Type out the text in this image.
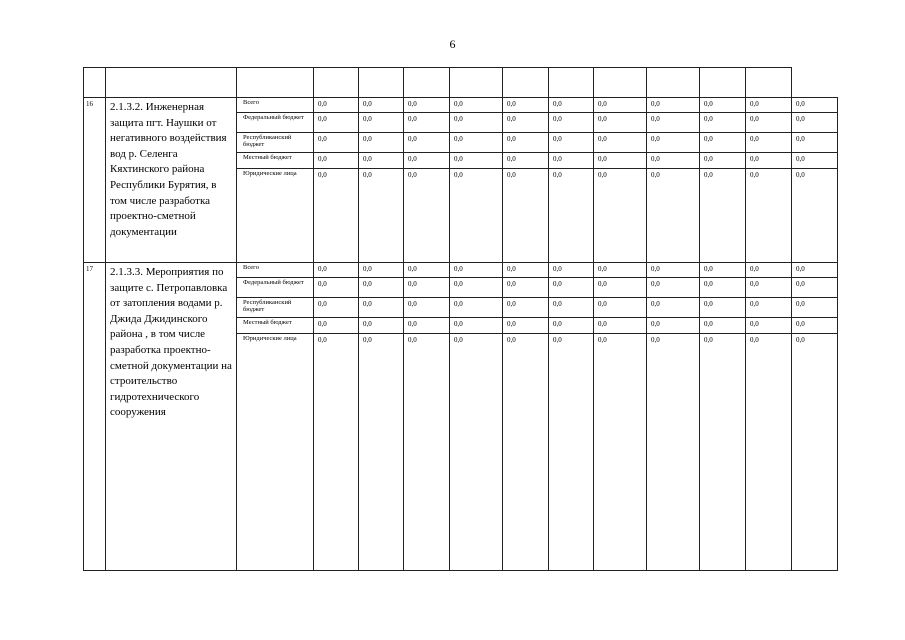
6

16	2.1.3.2. Инженерная защита пгт. Наушки от негативного воздействия вод р. Селенга Кяхтинского района Республики Бурятия, в том числе разработка проектно-сметной документации	Всего	0,0	0,0	0,0	0,0	0,0	0,0	0,0	0,0	0,0	0,0	0,0
		Федеральный бюджет	0,0	0,0	0,0	0,0	0,0	0,0	0,0	0,0	0,0	0,0	0,0
		Республиканский бюджет	0,0	0,0	0,0	0,0	0,0	0,0	0,0	0,0	0,0	0,0	0,0
		Местный бюджет	0,0	0,0	0,0	0,0	0,0	0,0	0,0	0,0	0,0	0,0	0,0
		Юридические лица	0,0	0,0	0,0	0,0	0,0	0,0	0,0	0,0	0,0	0,0	0,0
17	2.1.3.3. Мероприятия по защите с. Петропавловка от затопления водами р. Джида Джидинского района , в том числе разработка проектно-сметной документации на строительство гидротехнического сооружения	Всего	0,0	0,0	0,0	0,0	0,0	0,0	0,0	0,0	0,0	0,0	0,0
		Федеральный бюджет	0,0	0,0	0,0	0,0	0,0	0,0	0,0	0,0	0,0	0,0	0,0
		Республиканский бюджет	0,0	0,0	0,0	0,0	0,0	0,0	0,0	0,0	0,0	0,0	0,0
		Местный бюджет	0,0	0,0	0,0	0,0	0,0	0,0	0,0	0,0	0,0	0,0	0,0
		Юридические лица	0,0	0,0	0,0	0,0	0,0	0,0	0,0	0,0	0,0	0,0	0,0
